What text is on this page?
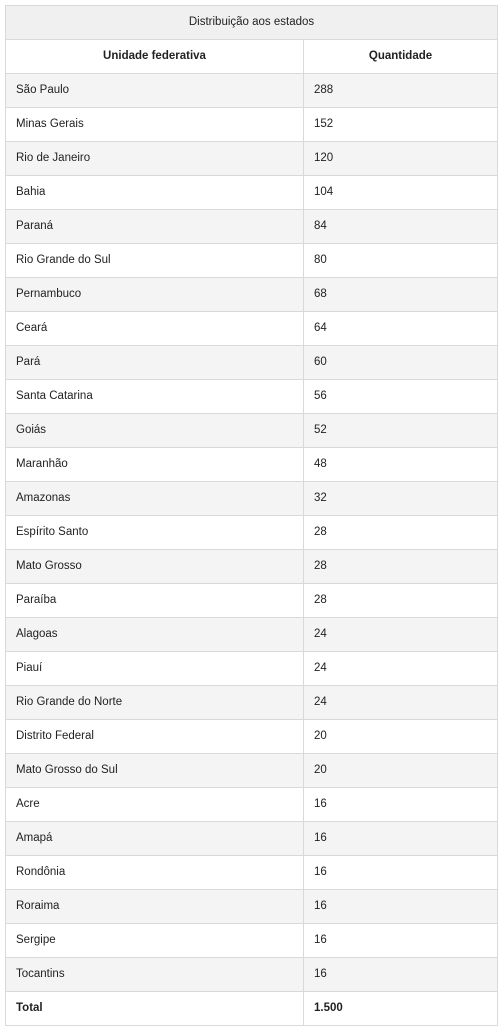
Distribuição aos estados	
Unidade federativa	Quantidade
São Paulo	288
Minas Gerais	152
Rio de Janeiro	120
Bahia	104
Paraná	84
Rio Grande do Sul	80
Pernambuco	68
Ceará	64
Pará	60
Santa Catarina	56
Goiás	52
Maranhão	48
Amazonas	32
Espírito Santo	28
Mato Grosso	28
Paraíba	28
Alagoas	24
Piauí	24
Rio Grande do Norte	24
Distrito Federal	20
Mato Grosso do Sul	20
Acre	16
Amapá	16
Rondônia	16
Roraima	16
Sergipe	16
Tocantins	16
Total	1.500
